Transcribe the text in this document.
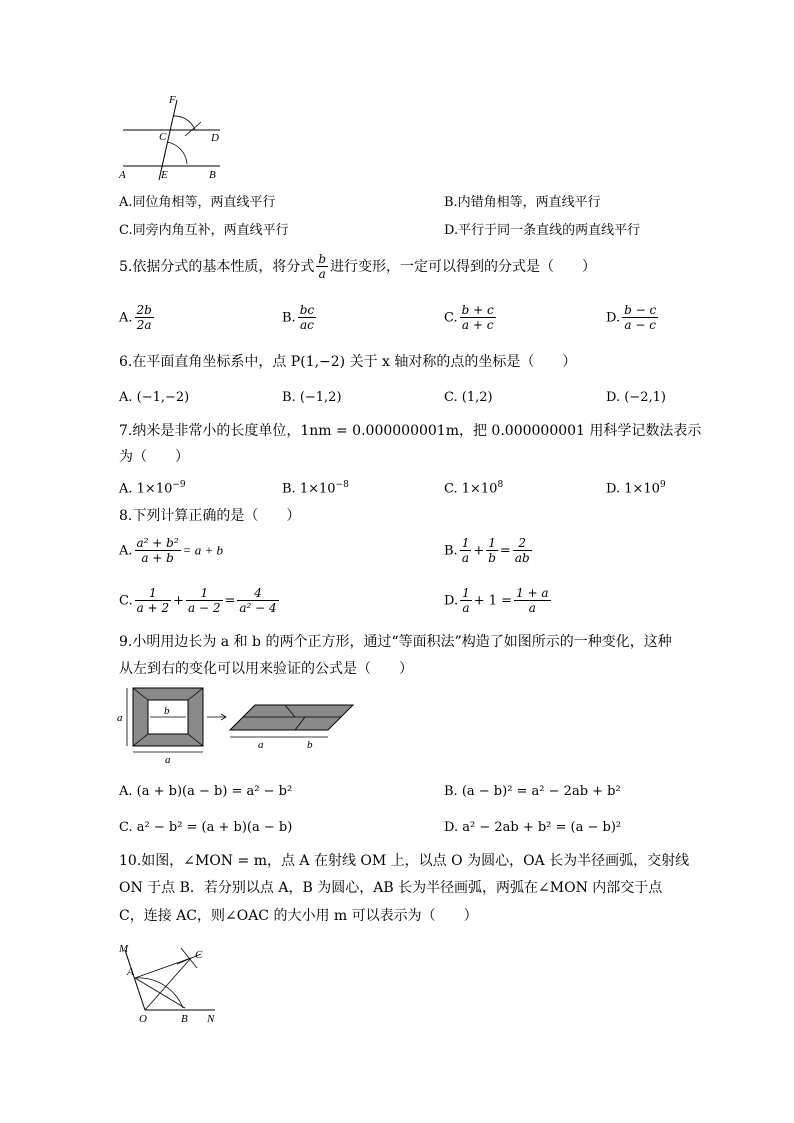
F
C	D
A	E	B
A.同位角相等，两直线平行	B.内错角相等，两直线平行
C.同旁内角互补，两直线平行	D.平行于同一条直线的两直线平行
5.依据分式的基本性质，将分式 $\frac{b}{a}$ 进行变形，一定可以得到的分式是（　　）
A. $\frac{2b}{2a}$	B. $\frac{bc}{ac}$	C. $\frac{b + c}{a + c}$	D. $\frac{b - c}{a - c}$
6.在平面直角坐标系中，点 P(1,−2) 关于 x 轴对称的点的坐标是（　　）
A. (−1,−2)	B. (−1,2)	C. (1,2)	D. (−2,1)
7.纳米是非常小的长度单位，1nm = 0.000000001m，把 0.000000001 用科学记数法表示
为（　　）
A. $1\times 10^{-9}$	B. $1\times 10^{-8}$	C. $1\times 10^8$	D. $1\times 10^9$
8.下列计算正确的是（　　）
A. $\frac{\text{a² + b²}}{a + b} = a + b$	B. $\frac{1}{a} + \frac{1}{b} = \frac{2}{ab}$
C. $\frac{1}{a + 2} + \frac{1}{a - 2} = \frac{4}{\text{a² − 4}}$	D. $\frac{1}{a} + 1 = \frac{1 + a}{a}$
9.小明用边长为 a 和 b 的两个正方形，通过“等面积法”构造了如图所示的一种变化，这种
从左到右的变化可以用来验证的公式是（　　）
b
a
a
a	b
A. (a + b)(a − b) = a² − b²	B. (a − b)² = a² − 2ab + b²
C. a² − b² = (a + b)(a − b)	D. a² − 2ab + b² = (a − b)²
10.如图，∠MON = m，点 A 在射线 OM 上，以点 O 为圆心，OA 长为半径画弧，交射线
ON 于点 B．若分别以点 A，B 为圆心，AB 长为半径画弧，两弧在∠MON 内部交于点
C，连接 AC，则∠OAC 的大小用 m 可以表示为（　　）
M
A
C
O	B N
